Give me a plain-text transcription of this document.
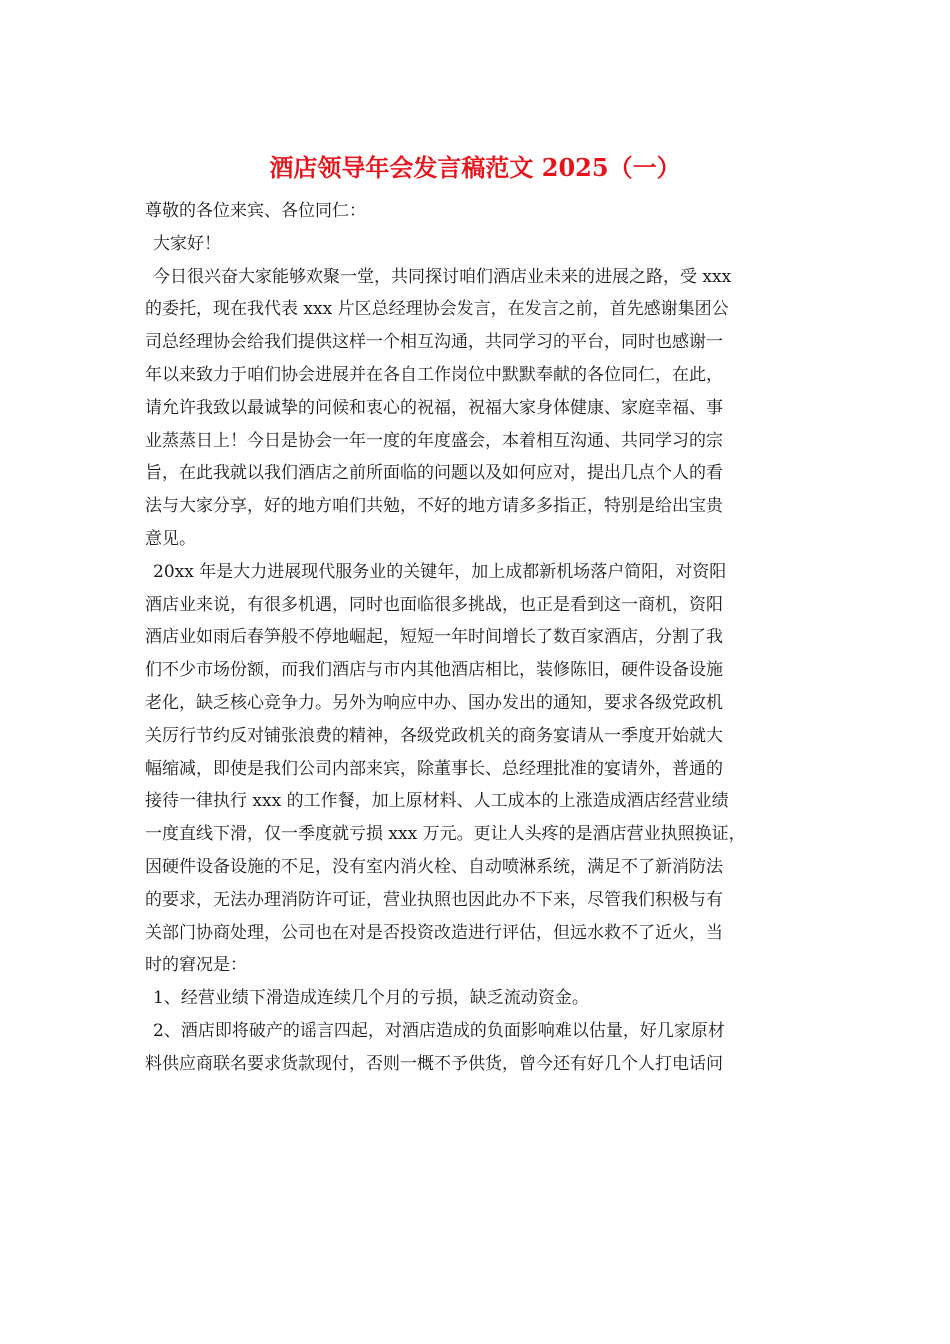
酒店领导年会发言稿范文 2025（一）
尊敬的各位来宾、各位同仁：
大家好！
今日很兴奋大家能够欢聚一堂，共同探讨咱们酒店业未来的进展之路，受 xxx
的委托，现在我代表 xxx 片区总经理协会发言，在发言之前，首先感谢集团公
司总经理协会给我们提供这样一个相互沟通，共同学习的平台，同时也感谢一
年以来致力于咱们协会进展并在各自工作岗位中默默奉献的各位同仁，在此，
请允许我致以最诚挚的问候和衷心的祝福，祝福大家身体健康、家庭幸福、事
业蒸蒸日上！今日是协会一年一度的年度盛会，本着相互沟通、共同学习的宗
旨，在此我就以我们酒店之前所面临的问题以及如何应对，提出几点个人的看
法与大家分享，好的地方咱们共勉，不好的地方请多多指正，特别是给出宝贵
意见。
20xx 年是大力进展现代服务业的关键年，加上成都新机场落户简阳，对资阳
酒店业来说，有很多机遇，同时也面临很多挑战，也正是看到这一商机，资阳
酒店业如雨后春笋般不停地崛起，短短一年时间增长了数百家酒店，分割了我
们不少市场份额，而我们酒店与市内其他酒店相比，装修陈旧，硬件设备设施
老化，缺乏核心竞争力。另外为响应中办、国办发出的通知，要求各级党政机
关厉行节约反对铺张浪费的精神，各级党政机关的商务宴请从一季度开始就大
幅缩减，即使是我们公司内部来宾，除董事长、总经理批准的宴请外，普通的
接待一律执行 xxx 的工作餐，加上原材料、人工成本的上涨造成酒店经营业绩
一度直线下滑，仅一季度就亏损 xxx 万元。更让人头疼的是酒店营业执照换证，
因硬件设备设施的不足，没有室内消火栓、自动喷淋系统，满足不了新消防法
的要求，无法办理消防许可证，营业执照也因此办不下来，尽管我们积极与有
关部门协商处理，公司也在对是否投资改造进行评估，但远水救不了近火，当
时的窘况是：
1、经营业绩下滑造成连续几个月的亏损，缺乏流动资金。
2、酒店即将破产的谣言四起，对酒店造成的负面影响难以估量，好几家原材
料供应商联名要求货款现付，否则一概不予供货，曾今还有好几个人打电话问
